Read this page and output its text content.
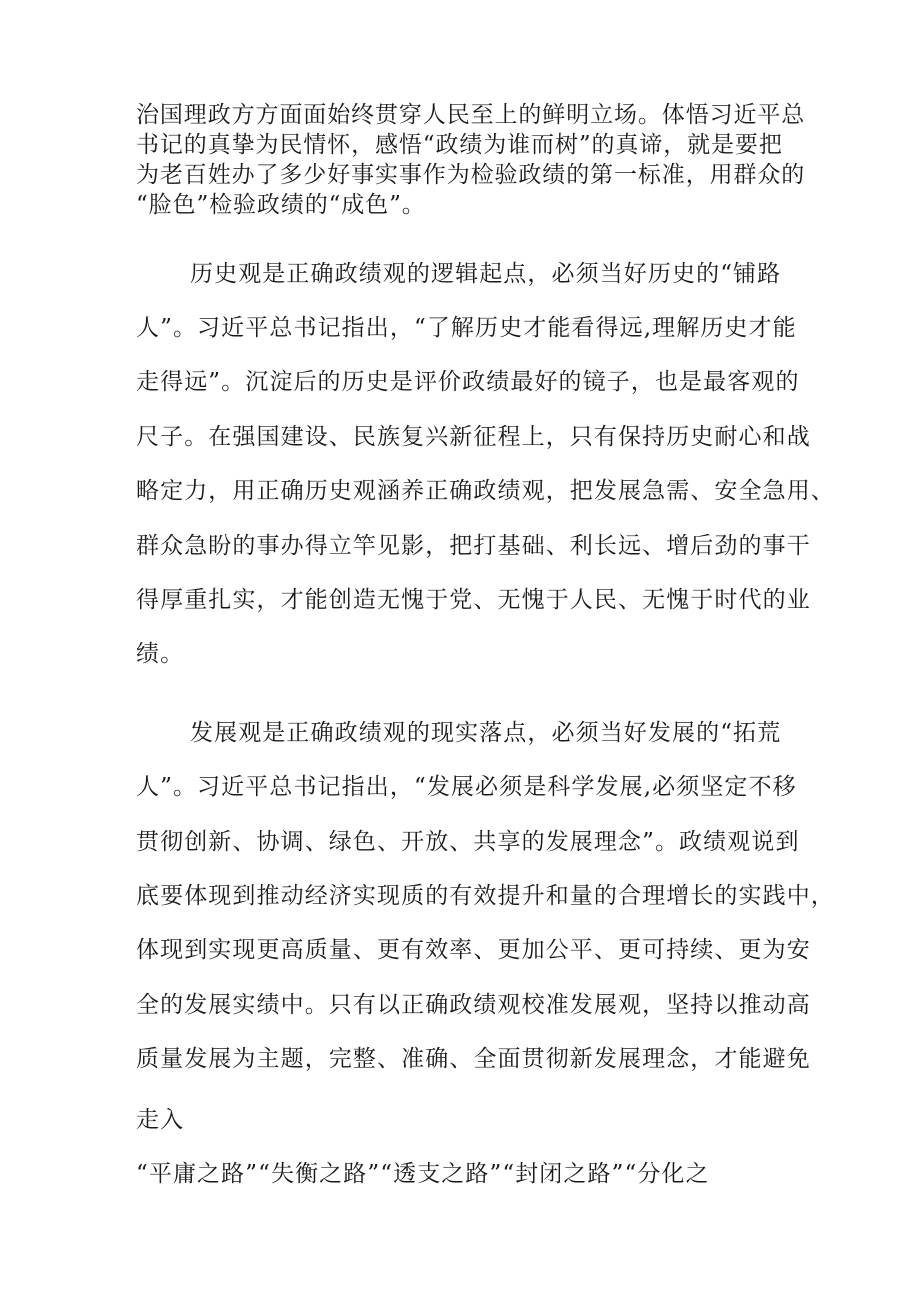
治国理政方方面面始终贯穿人民至上的鲜明立场。体悟习近平总
书记的真挚为民情怀，感悟“政绩为谁而树”的真谛，就是要把
为老百姓办了多少好事实事作为检验政绩的第一标准，用群众的
“脸色”检验政绩的“成色”。
历史观是正确政绩观的逻辑起点，必须当好历史的“铺路
人”。习近平总书记指出，“了解历史才能看得远,理解历史才能
走得远”。沉淀后的历史是评价政绩最好的镜子，也是最客观的
尺子。在强国建设、民族复兴新征程上，只有保持历史耐心和战
略定力，用正确历史观涵养正确政绩观，把发展急需、安全急用、
群众急盼的事办得立竿见影，把打基础、利长远、增后劲的事干
得厚重扎实，才能创造无愧于党、无愧于人民、无愧于时代的业
绩。
发展观是正确政绩观的现实落点，必须当好发展的“拓荒
人”。习近平总书记指出，“发展必须是科学发展,必须坚定不移
贯彻创新、协调、绿色、开放、共享的发展理念”。政绩观说到
底要体现到推动经济实现质的有效提升和量的合理增长的实践中，
体现到实现更高质量、更有效率、更加公平、更可持续、更为安
全的发展实绩中。只有以正确政绩观校准发展观，坚持以推动高
质量发展为主题，完整、准确、全面贯彻新发展理念，才能避免
走入
“平庸之路”“失衡之路”“透支之路”“封闭之路”“分化之
